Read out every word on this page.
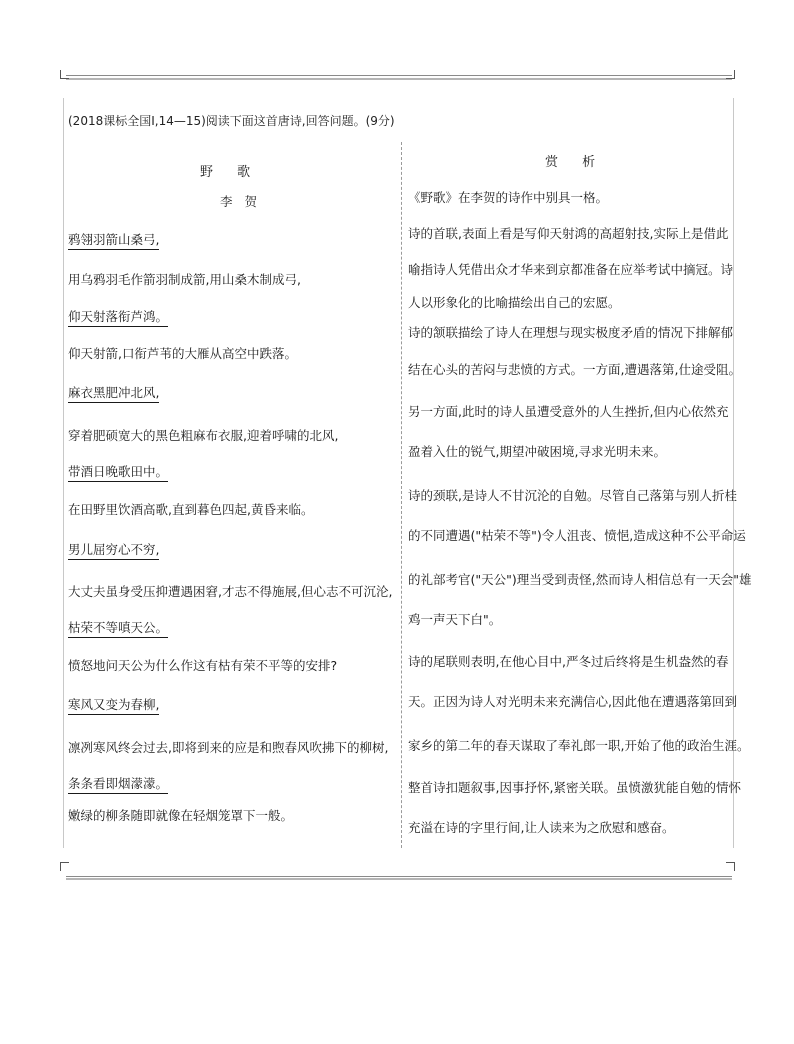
(2018课标全国Ⅰ,14—15)阅读下面这首唐诗,回答问题。(9分)
野 歌
李 贺
鸦翎羽箭山桑弓,
用乌鸦羽毛作箭羽制成箭,用山桑木制成弓,
仰天射落衔芦鸿。
仰天射箭,口衔芦苇的大雁从高空中跌落。
麻衣黑肥冲北风,
穿着肥硕宽大的黑色粗麻布衣服,迎着呼啸的北风,
带酒日晚歌田中。
在田野里饮酒高歌,直到暮色四起,黄昏来临。
男儿屈穷心不穷,
大丈夫虽身受压抑遭遇困窘,才志不得施展,但心志不可沉沦,
枯荣不等嗔天公。
愤怒地问天公为什么作这有枯有荣不平等的安排?
寒风又变为春柳,
凛冽寒风终会过去,即将到来的应是和煦春风吹拂下的柳树,
条条看即烟濛濛。
嫩绿的柳条随即就像在轻烟笼罩下一般。
赏 析
《野歌》在李贺的诗作中别具一格。
诗的首联,表面上看是写仰天射鸿的高超射技,实际上是借此
喻指诗人凭借出众才华来到京都准备在应举考试中摘冠。诗
人以形象化的比喻描绘出自己的宏愿。
诗的颔联描绘了诗人在理想与现实极度矛盾的情况下排解郁
结在心头的苦闷与悲愤的方式。一方面,遭遇落第,仕途受阻。
另一方面,此时的诗人虽遭受意外的人生挫折,但内心依然充
盈着入仕的锐气,期望冲破困境,寻求光明未来。
诗的颈联,是诗人不甘沉沦的自勉。尽管自己落第与别人折桂
的不同遭遇("枯荣不等")令人沮丧、愤悒,造成这种不公平命运
的礼部考官("天公")理当受到责怪,然而诗人相信总有一天会"雄
鸡一声天下白"。
诗的尾联则表明,在他心目中,严冬过后终将是生机盎然的春
天。正因为诗人对光明未来充满信心,因此他在遭遇落第回到
家乡的第二年的春天谋取了奉礼郎一职,开始了他的政治生涯。
整首诗扣题叙事,因事抒怀,紧密关联。虽愤激犹能自勉的情怀
充溢在诗的字里行间,让人读来为之欣慰和感奋。
